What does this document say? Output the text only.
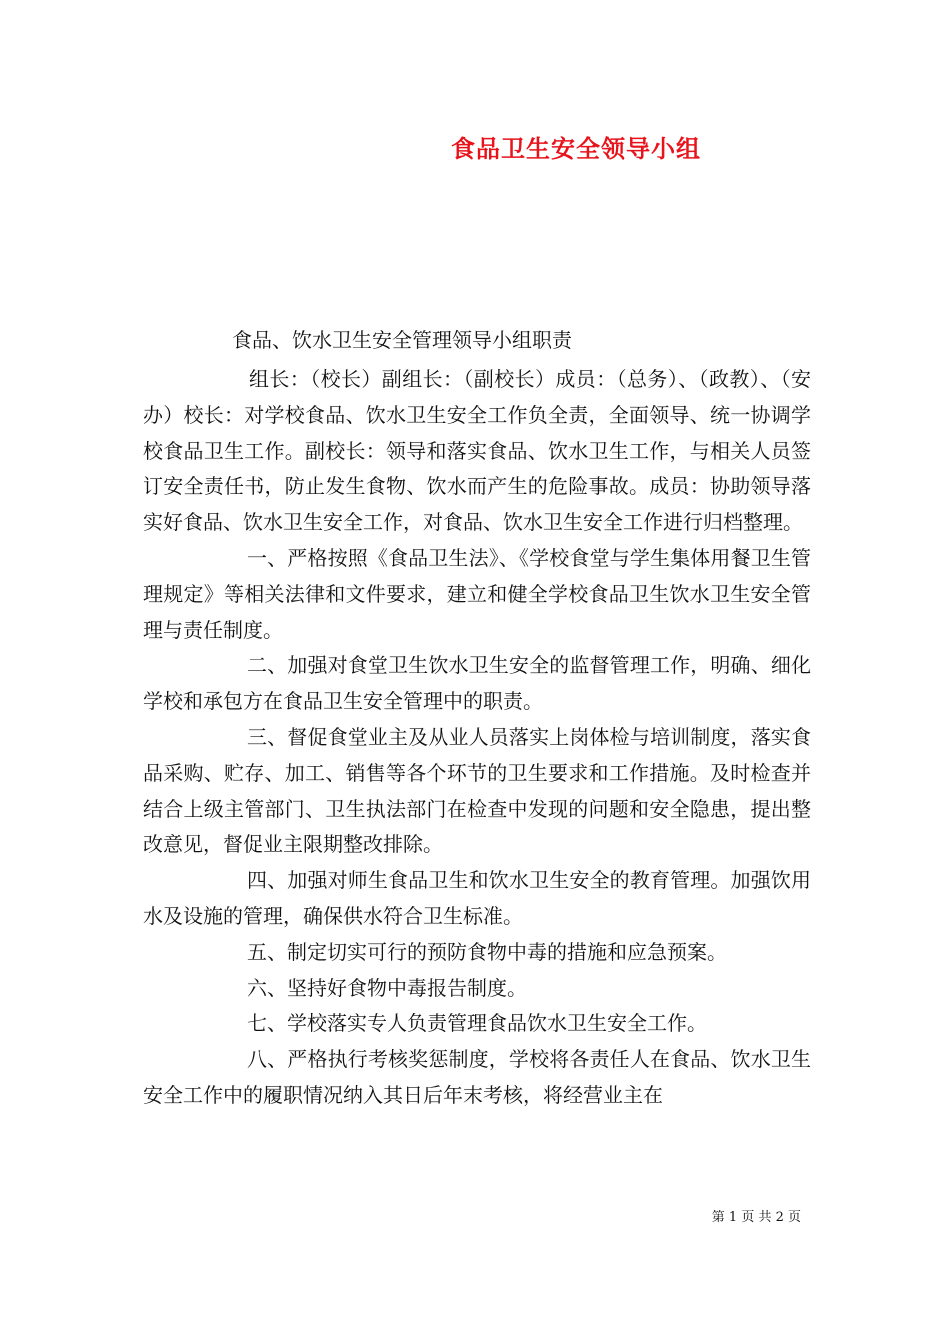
食品卫生安全领导小组
食品、饮水卫生安全管理领导小组职责

组长：（校长）副组长：（副校长）成员：（总务）、（政教）、（安办）校长：对学校食品、饮水卫生安全工作负全责，全面领导、统一协调学校食品卫生工作。副校长：领导和落实食品、饮水卫生工作，与相关人员签订安全责任书，防止发生食物、饮水而产生的危险事故。成员：协助领导落实好食品、饮水卫生安全工作，对食品、饮水卫生安全工作进行归档整理。

一、严格按照《食品卫生法》、《学校食堂与学生集体用餐卫生管理规定》等相关法律和文件要求，建立和健全学校食品卫生饮水卫生安全管理与责任制度。

二、加强对食堂卫生饮水卫生安全的监督管理工作，明确、细化学校和承包方在食品卫生安全管理中的职责。

三、督促食堂业主及从业人员落实上岗体检与培训制度，落实食品采购、贮存、加工、销售等各个环节的卫生要求和工作措施。及时检查并结合上级主管部门、卫生执法部门在检查中发现的问题和安全隐患，提出整改意见，督促业主限期整改排除。

四、加强对师生食品卫生和饮水卫生安全的教育管理。加强饮用水及设施的管理，确保供水符合卫生标准。

五、制定切实可行的预防食物中毒的措施和应急预案。

六、坚持好食物中毒报告制度。

七、学校落实专人负责管理食品饮水卫生安全工作。

八、严格执行考核奖惩制度，学校将各责任人在食品、饮水卫生安全工作中的履职情况纳入其日后年末考核，将经营业主在

第 1 页 共 2 页
